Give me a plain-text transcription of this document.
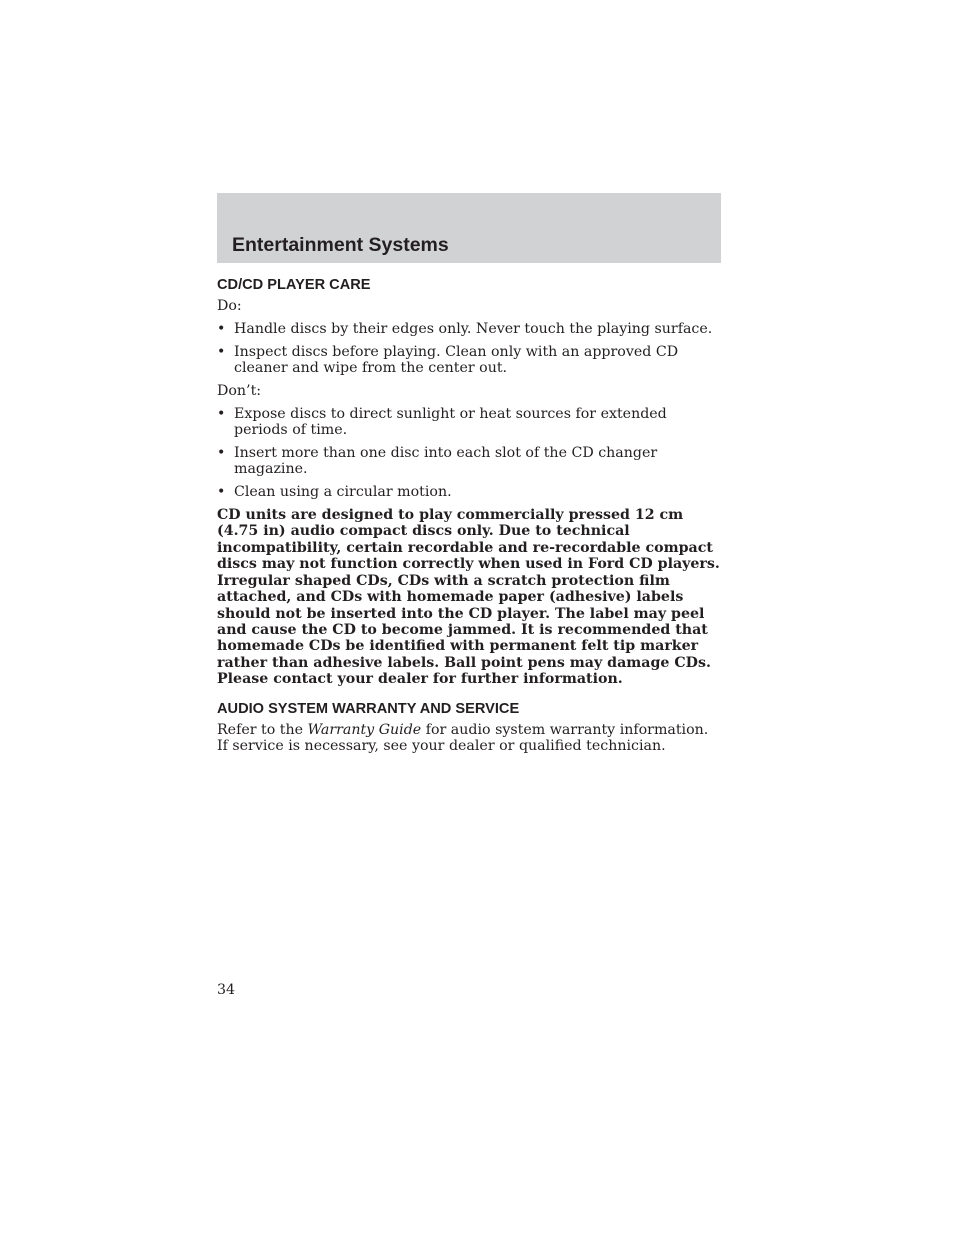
Entertainment Systems
CD/CD PLAYER CARE

Do:

• Handle discs by their edges only. Never touch the playing surface.
• Inspect discs before playing. Clean only with an approved CD cleaner and wipe from the center out.

Don’t:

• Expose discs to direct sunlight or heat sources for extended periods of time.
• Insert more than one disc into each slot of the CD changer magazine.
• Clean using a circular motion.

CD units are designed to play commercially pressed 12 cm (4.75 in) audio compact discs only. Due to technical incompatibility, certain recordable and re-recordable compact discs may not function correctly when used in Ford CD players. Irregular shaped CDs, CDs with a scratch protection film attached, and CDs with homemade paper (adhesive) labels should not be inserted into the CD player. The label may peel and cause the CD to become jammed. It is recommended that homemade CDs be identified with permanent felt tip marker rather than adhesive labels. Ball point pens may damage CDs. Please contact your dealer for further information.

AUDIO SYSTEM WARRANTY AND SERVICE

Refer to the Warranty Guide for audio system warranty information. If service is necessary, see your dealer or qualified technician.

34
